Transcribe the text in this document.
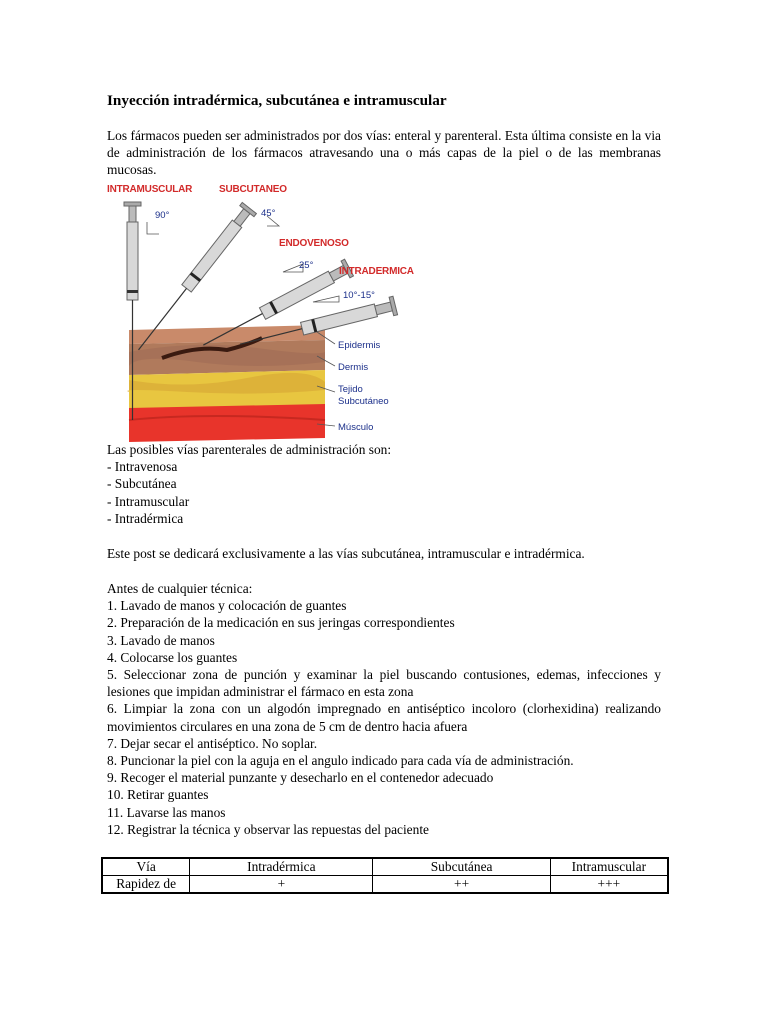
Inyección intradérmica, subcutánea e intramuscular

Los fármacos pueden ser administrados por dos vías: enteral y parenteral. Esta última consiste en la via de administración de los fármacos atravesando una o más capas de la piel o de las membranas mucosas.

INTRAMUSCULAR	SUBCUTANEO
ENDOVENOSO
INTRADERMICA
90°	45°
25°
10°-15°
Epidermis
Dermis
Tejido
Subcutáneo
Músculo
Las posibles vías parenterales de administración son:
- Intravenosa
- Subcutánea
- Intramuscular
- Intradérmica
Este post se dedicará exclusivamente a las vías subcutánea, intramuscular e intradérmica.
Antes de cualquier técnica:
1. Lavado de manos y colocación de guantes
2. Preparación de la medicación en sus jeringas correspondientes
3. Lavado de manos
4. Colocarse los guantes
5. Seleccionar zona de punción y examinar la piel buscando contusiones, edemas, infecciones y lesiones que impidan administrar el fármaco en esta zona
6. Limpiar la zona con un algodón impregnado en antiséptico incoloro (clorhexidina) realizando movimientos circulares en una zona de 5 cm de dentro hacia afuera
7. Dejar secar el antiséptico. No soplar.
8. Puncionar la piel con la aguja en el angulo indicado para cada vía de administración.
9. Recoger el material punzante y desecharlo en el contenedor adecuado
10. Retirar guantes
11. Lavarse las manos
12. Registrar la técnica y observar las repuestas del paciente
Vía	Intradérmica	Subcutánea	Intramuscular
Rapidez de	+	++	+++
